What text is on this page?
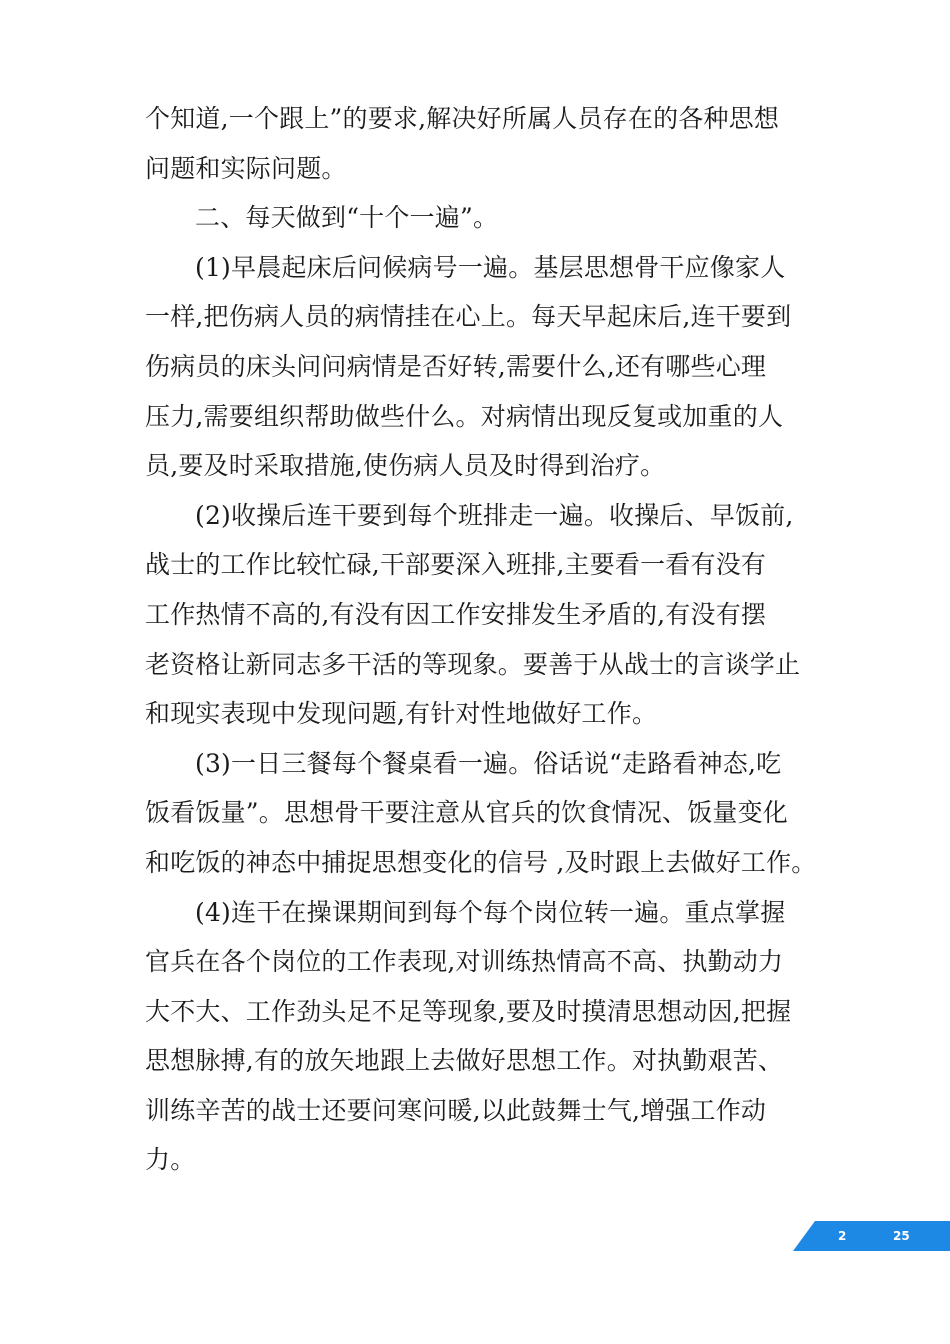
个知道,一个跟上”的要求,解决好所属人员存在的各种思想
问题和实际问题。
二、每天做到“十个一遍”。
(1)早晨起床后问候病号一遍。基层思想骨干应像家人
一样,把伤病人员的病情挂在心上。每天早起床后,连干要到
伤病员的床头问问病情是否好转,需要什么,还有哪些心理
压力,需要组织帮助做些什么。对病情出现反复或加重的人
员,要及时采取措施,使伤病人员及时得到治疗。
(2)收操后连干要到每个班排走一遍。收操后、早饭前,
战士的工作比较忙碌,干部要深入班排,主要看一看有没有
工作热情不高的,有没有因工作安排发生矛盾的,有没有摆
老资格让新同志多干活的等现象。要善于从战士的言谈学止
和现实表现中发现问题,有针对性地做好工作。
(3)一日三餐每个餐桌看一遍。俗话说“走路看神态,吃
饭看饭量”。思想骨干要注意从官兵的饮食情况、饭量变化
和吃饭的神态中捕捉思想变化的信号 ,及时跟上去做好工作。
(4)连干在操课期间到每个每个岗位转一遍。重点掌握
官兵在各个岗位的工作表现,对训练热情高不高、执勤动力
大不大、工作劲头足不足等现象,要及时摸清思想动因,把握
思想脉搏,有的放矢地跟上去做好思想工作。对执勤艰苦、
训练辛苦的战士还要问寒问暖,以此鼓舞士气,增强工作动
力。
2	25
